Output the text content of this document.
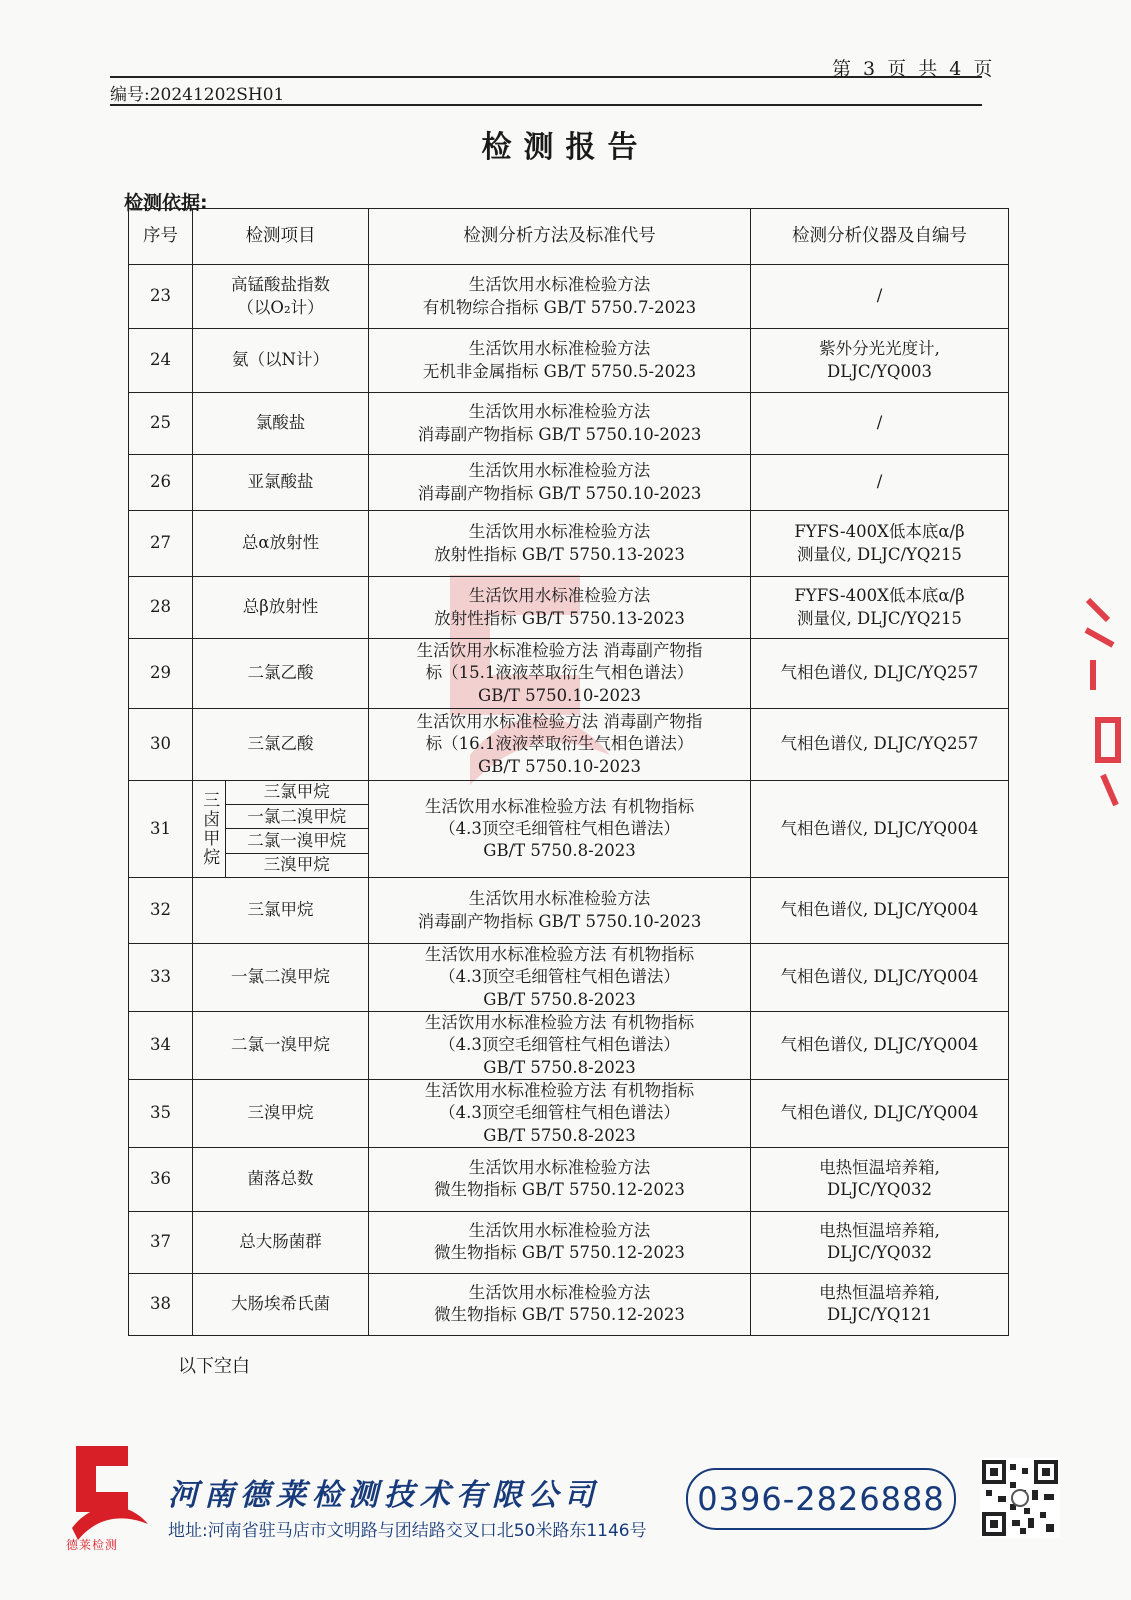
第 3 页 共 4 页
编号:20241202SH01
检测报告
检测依据:
序号	检测项目	检测分析方法及标准代号	检测分析仪器及自编号
23	
高锰酸盐指数
（以O₂计）

生活饮用水标准检验方法
有机物综合指标 GB/T 5750.7-2023

/

24	氨（以N计）

生活饮用水标准检验方法
无机非金属指标 GB/T 5750.5-2023

紫外分光光度计,
DLJC/YQ003

25	氯酸盐

生活饮用水标准检验方法
消毒副产物指标 GB/T 5750.10-2023

/

26	亚氯酸盐

生活饮用水标准检验方法
消毒副产物指标 GB/T 5750.10-2023

/

27	总α放射性

生活饮用水标准检验方法
放射性指标 GB/T 5750.13-2023

FYFS-400X低本底α/β
测量仪, DLJC/YQ215

28	总β放射性

生活饮用水标准检验方法
放射性指标 GB/T 5750.13-2023

FYFS-400X低本底α/β
测量仪, DLJC/YQ215

29	二氯乙酸

生活饮用水标准检验方法 消毒副产物指
标（15.1液液萃取衍生气相色谱法）
GB/T 5750.10-2023

气相色谱仪, DLJC/YQ257

30	三氯乙酸

生活饮用水标准检验方法 消毒副产物指
标（16.1液液萃取衍生气相色谱法）
GB/T 5750.10-2023

气相色谱仪, DLJC/YQ257

31	三卤甲烷	三氯甲烷
一氯二溴甲烷
二氯一溴甲烷
三溴甲烷

生活饮用水标准检验方法 有机物指标
（4.3顶空毛细管柱气相色谱法）
GB/T 5750.8-2023

气相色谱仪, DLJC/YQ004

32	三氯甲烷

生活饮用水标准检验方法
消毒副产物指标 GB/T 5750.10-2023

气相色谱仪, DLJC/YQ004

33	一氯二溴甲烷

生活饮用水标准检验方法 有机物指标
（4.3顶空毛细管柱气相色谱法）
GB/T 5750.8-2023

气相色谱仪, DLJC/YQ004

34	二氯一溴甲烷

生活饮用水标准检验方法 有机物指标
（4.3顶空毛细管柱气相色谱法）
GB/T 5750.8-2023

气相色谱仪, DLJC/YQ004

35	三溴甲烷

生活饮用水标准检验方法 有机物指标
（4.3顶空毛细管柱气相色谱法）
GB/T 5750.8-2023

气相色谱仪, DLJC/YQ004

36	菌落总数

生活饮用水标准检验方法
微生物指标 GB/T 5750.12-2023

电热恒温培养箱,
DLJC/YQ032

37	总大肠菌群

生活饮用水标准检验方法
微生物指标 GB/T 5750.12-2023

电热恒温培养箱,
DLJC/YQ032

38	大肠埃希氏菌

生活饮用水标准检验方法
微生物指标 GB/T 5750.12-2023

电热恒温培养箱,
DLJC/YQ121
以下空白
德莱检测
河南德莱检测技术有限公司
地址:河南省驻马店市文明路与团结路交叉口北50米路东1146号
0396-2826888
